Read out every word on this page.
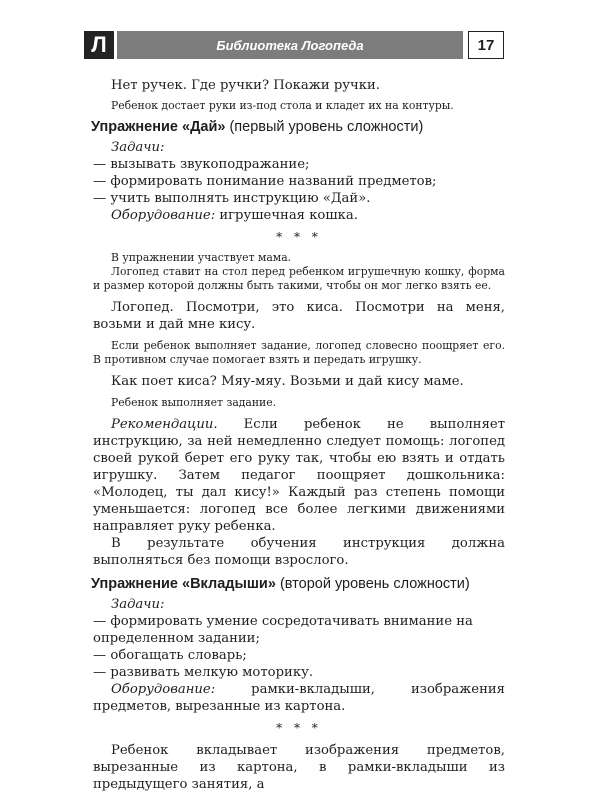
Л	Библиотека Логопеда	17

Нет ручек. Где ручки? Покажи ручки.

Ребенок достает руки из-под стола и кладет их на контуры.

Упражнение «Дай» (первый уровень сложности)

Задачи:

— вызывать звукоподражание;

— формировать понимание названий предметов;

— учить выполнять инструкцию «Дай».

Оборудование: игрушечная кошка.

* * *

В упражнении участвует мама.

Логопед ставит на стол перед ребенком игрушечную кошку, форма и размер которой должны быть такими, чтобы он мог легко взять ее.

Логопед. Посмотри, это киса. Посмотри на меня, возьми и дай мне кису.

Если ребенок выполняет задание, логопед словесно поощряет его. В противном случае помогает взять и передать игрушку.

Как поет киса? Мяу-мяу. Возьми и дай кису маме.

Ребенок выполняет задание.

Рекомендации. Если ребенок не выполняет инструкцию, за ней немедленно следует помощь: логопед своей рукой берет его руку так, чтобы ею взять и отдать игрушку. Затем педагог поощряет дошкольника: «Молодец, ты дал кису!» Каждый раз степень помощи уменьшается: логопед все более легкими движениями направляет руку ребенка.

В результате обучения инструкция должна выполняться без помощи взрослого.

Упражнение «Вкладыши» (второй уровень сложности)

Задачи:

— формировать умение сосредотачивать внимание на определенном задании;

— обогащать словарь;

— развивать мелкую моторику.

Оборудование: рамки-вкладыши, изображения предметов, вырезанные из картона.

* * *

Ребенок вкладывает изображения предметов, вырезанные из картона, в рамки-вкладыши из предыдущего занятия, а
